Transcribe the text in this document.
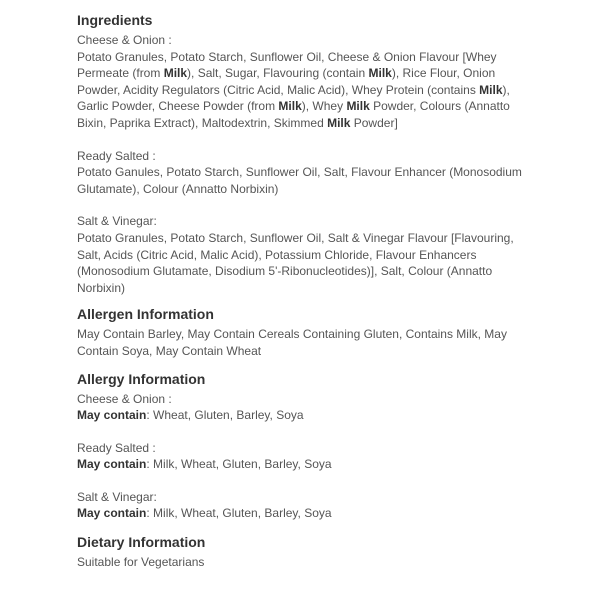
Ingredients

Cheese & Onion :

Potato Granules, Potato Starch, Sunflower Oil, Cheese & Onion Flavour [Whey Permeate (from Milk), Salt, Sugar, Flavouring (contain Milk), Rice Flour, Onion Powder, Acidity Regulators (Citric Acid, Malic Acid), Whey Protein (contains Milk), Garlic Powder, Cheese Powder (from Milk), Whey Milk Powder, Colours (Annatto Bixin, Paprika Extract), Maltodextrin, Skimmed Milk Powder]

Ready Salted :

Potato Ganules, Potato Starch, Sunflower Oil, Salt, Flavour Enhancer (Monosodium Glutamate), Colour (Annatto Norbixin)

Salt & Vinegar:

Potato Granules, Potato Starch, Sunflower Oil, Salt & Vinegar Flavour [Flavouring, Salt, Acids (Citric Acid, Malic Acid), Potassium Chloride, Flavour Enhancers (Monosodium Glutamate, Disodium 5'-Ribonucleotides)], Salt, Colour (Annatto Norbixin)

Allergen Information

May Contain Barley, May Contain Cereals Containing Gluten, Contains Milk, May Contain Soya, May Contain Wheat

Allergy Information

Cheese & Onion :

May contain: Wheat, Gluten, Barley, Soya

Ready Salted :

May contain: Milk, Wheat, Gluten, Barley, Soya

Salt & Vinegar:

May contain: Milk, Wheat, Gluten, Barley, Soya

Dietary Information

Suitable for Vegetarians
